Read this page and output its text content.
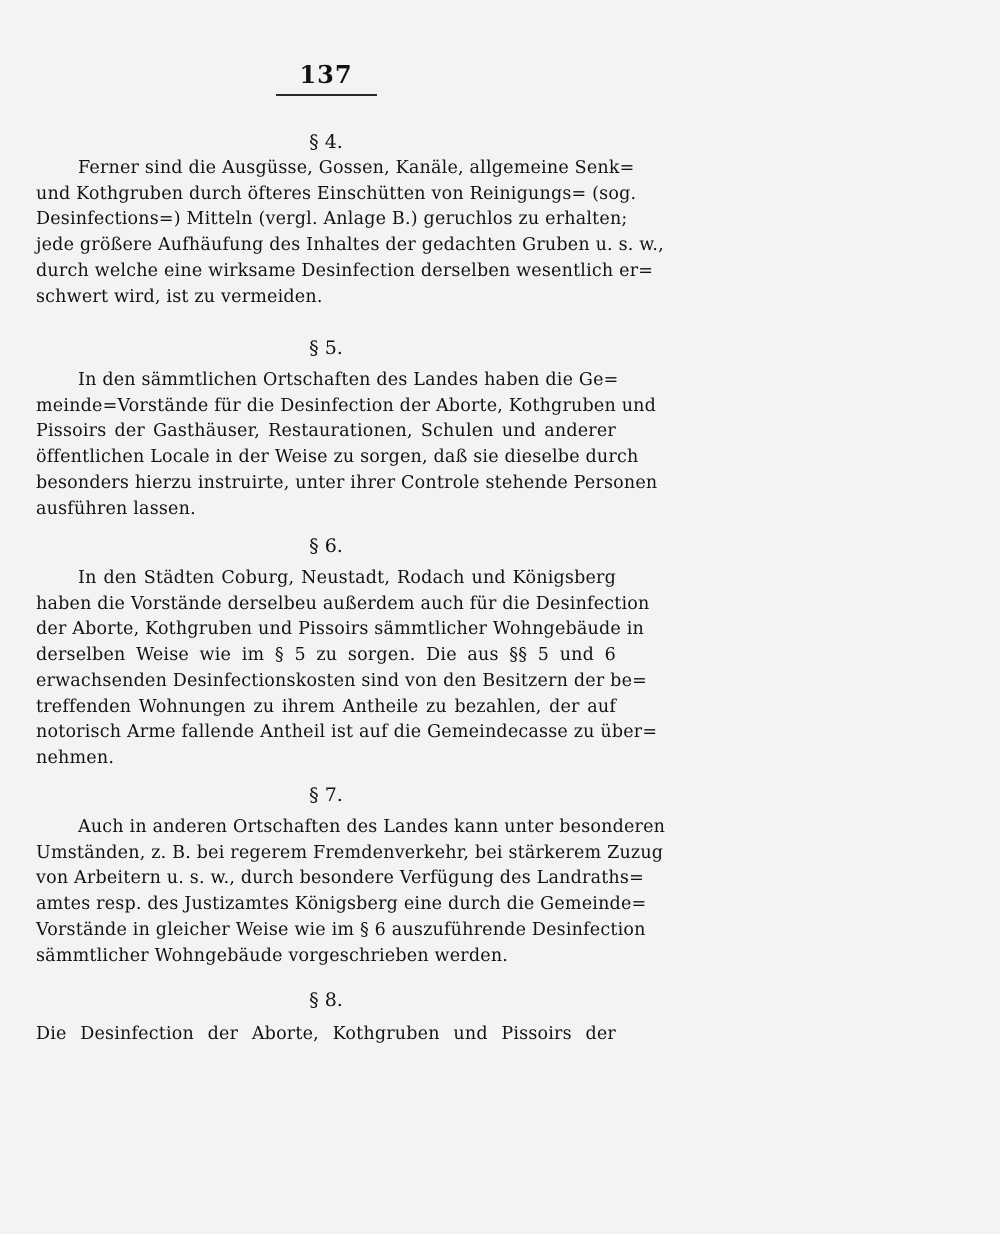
137
§ 4.
Ferner sind die Ausgüsse, Gossen, Kanäle, allgemeine Senk=
und Kothgruben durch öfteres Einschütten von Reinigungs= (sog.
Desinfections=) Mitteln (vergl. Anlage B.) geruchlos zu erhalten;
jede größere Aufhäufung des Inhaltes der gedachten Gruben u. s. w.,
durch welche eine wirksame Desinfection derselben wesentlich er=
schwert wird, ist zu vermeiden.
§ 5.
In den sämmtlichen Ortschaften des Landes haben die Ge=
meinde=Vorstände für die Desinfection der Aborte, Kothgruben und
Pissoirs der Gasthäuser, Restaurationen, Schulen und anderer
öffentlichen Locale in der Weise zu sorgen, daß sie dieselbe durch
besonders hierzu instruirte, unter ihrer Controle stehende Personen
ausführen lassen.
§ 6.
In den Städten Coburg, Neustadt, Rodach und Königsberg
haben die Vorstände derselbeu außerdem auch für die Desinfection
der Aborte, Kothgruben und Pissoirs sämmtlicher Wohngebäude in
derselben Weise wie im § 5 zu sorgen. Die aus §§ 5 und 6
erwachsenden Desinfectionskosten sind von den Besitzern der be=
treffenden Wohnungen zu ihrem Antheile zu bezahlen, der auf
notorisch Arme fallende Antheil ist auf die Gemeindecasse zu über=
nehmen.
§ 7.
Auch in anderen Ortschaften des Landes kann unter besonderen
Umständen, z. B. bei regerem Fremdenverkehr, bei stärkerem Zuzug
von Arbeitern u. s. w., durch besondere Verfügung des Landraths=
amtes resp. des Justizamtes Königsberg eine durch die Gemeinde=
Vorstände in gleicher Weise wie im § 6 auszuführende Desinfection
sämmtlicher Wohngebäude vorgeschrieben werden.
§ 8.
Die Desinfection der Aborte, Kothgruben und Pissoirs der
